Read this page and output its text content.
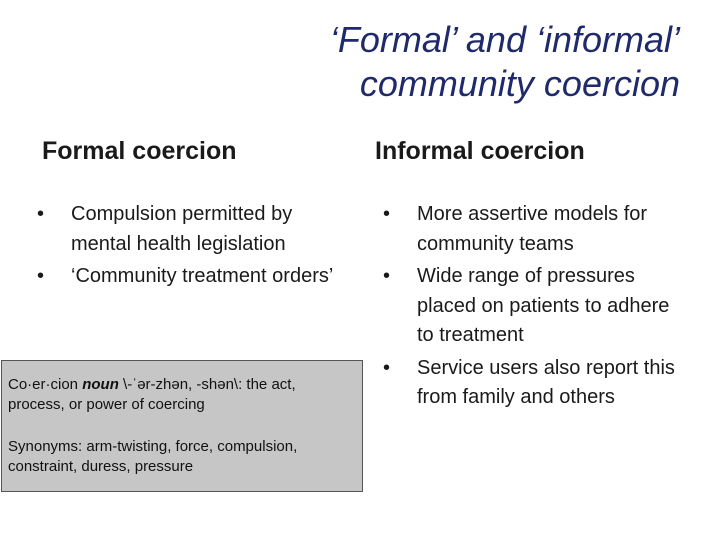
‘Formal’ and ‘informal’
community coercion
Formal coercion	Informal coercion
• Compulsion permitted by mental health legislation
• ‘Community treatment orders’
• More assertive models for community teams
• Wide range of pressures placed on patients to adhere to treatment
• Service users also report this from family and others

Co·er·cion noun \-ˈər-zhən, -shən\: the act, process, or power of coercing

Synonyms: arm-twisting, force, compulsion, constraint, duress, pressure
